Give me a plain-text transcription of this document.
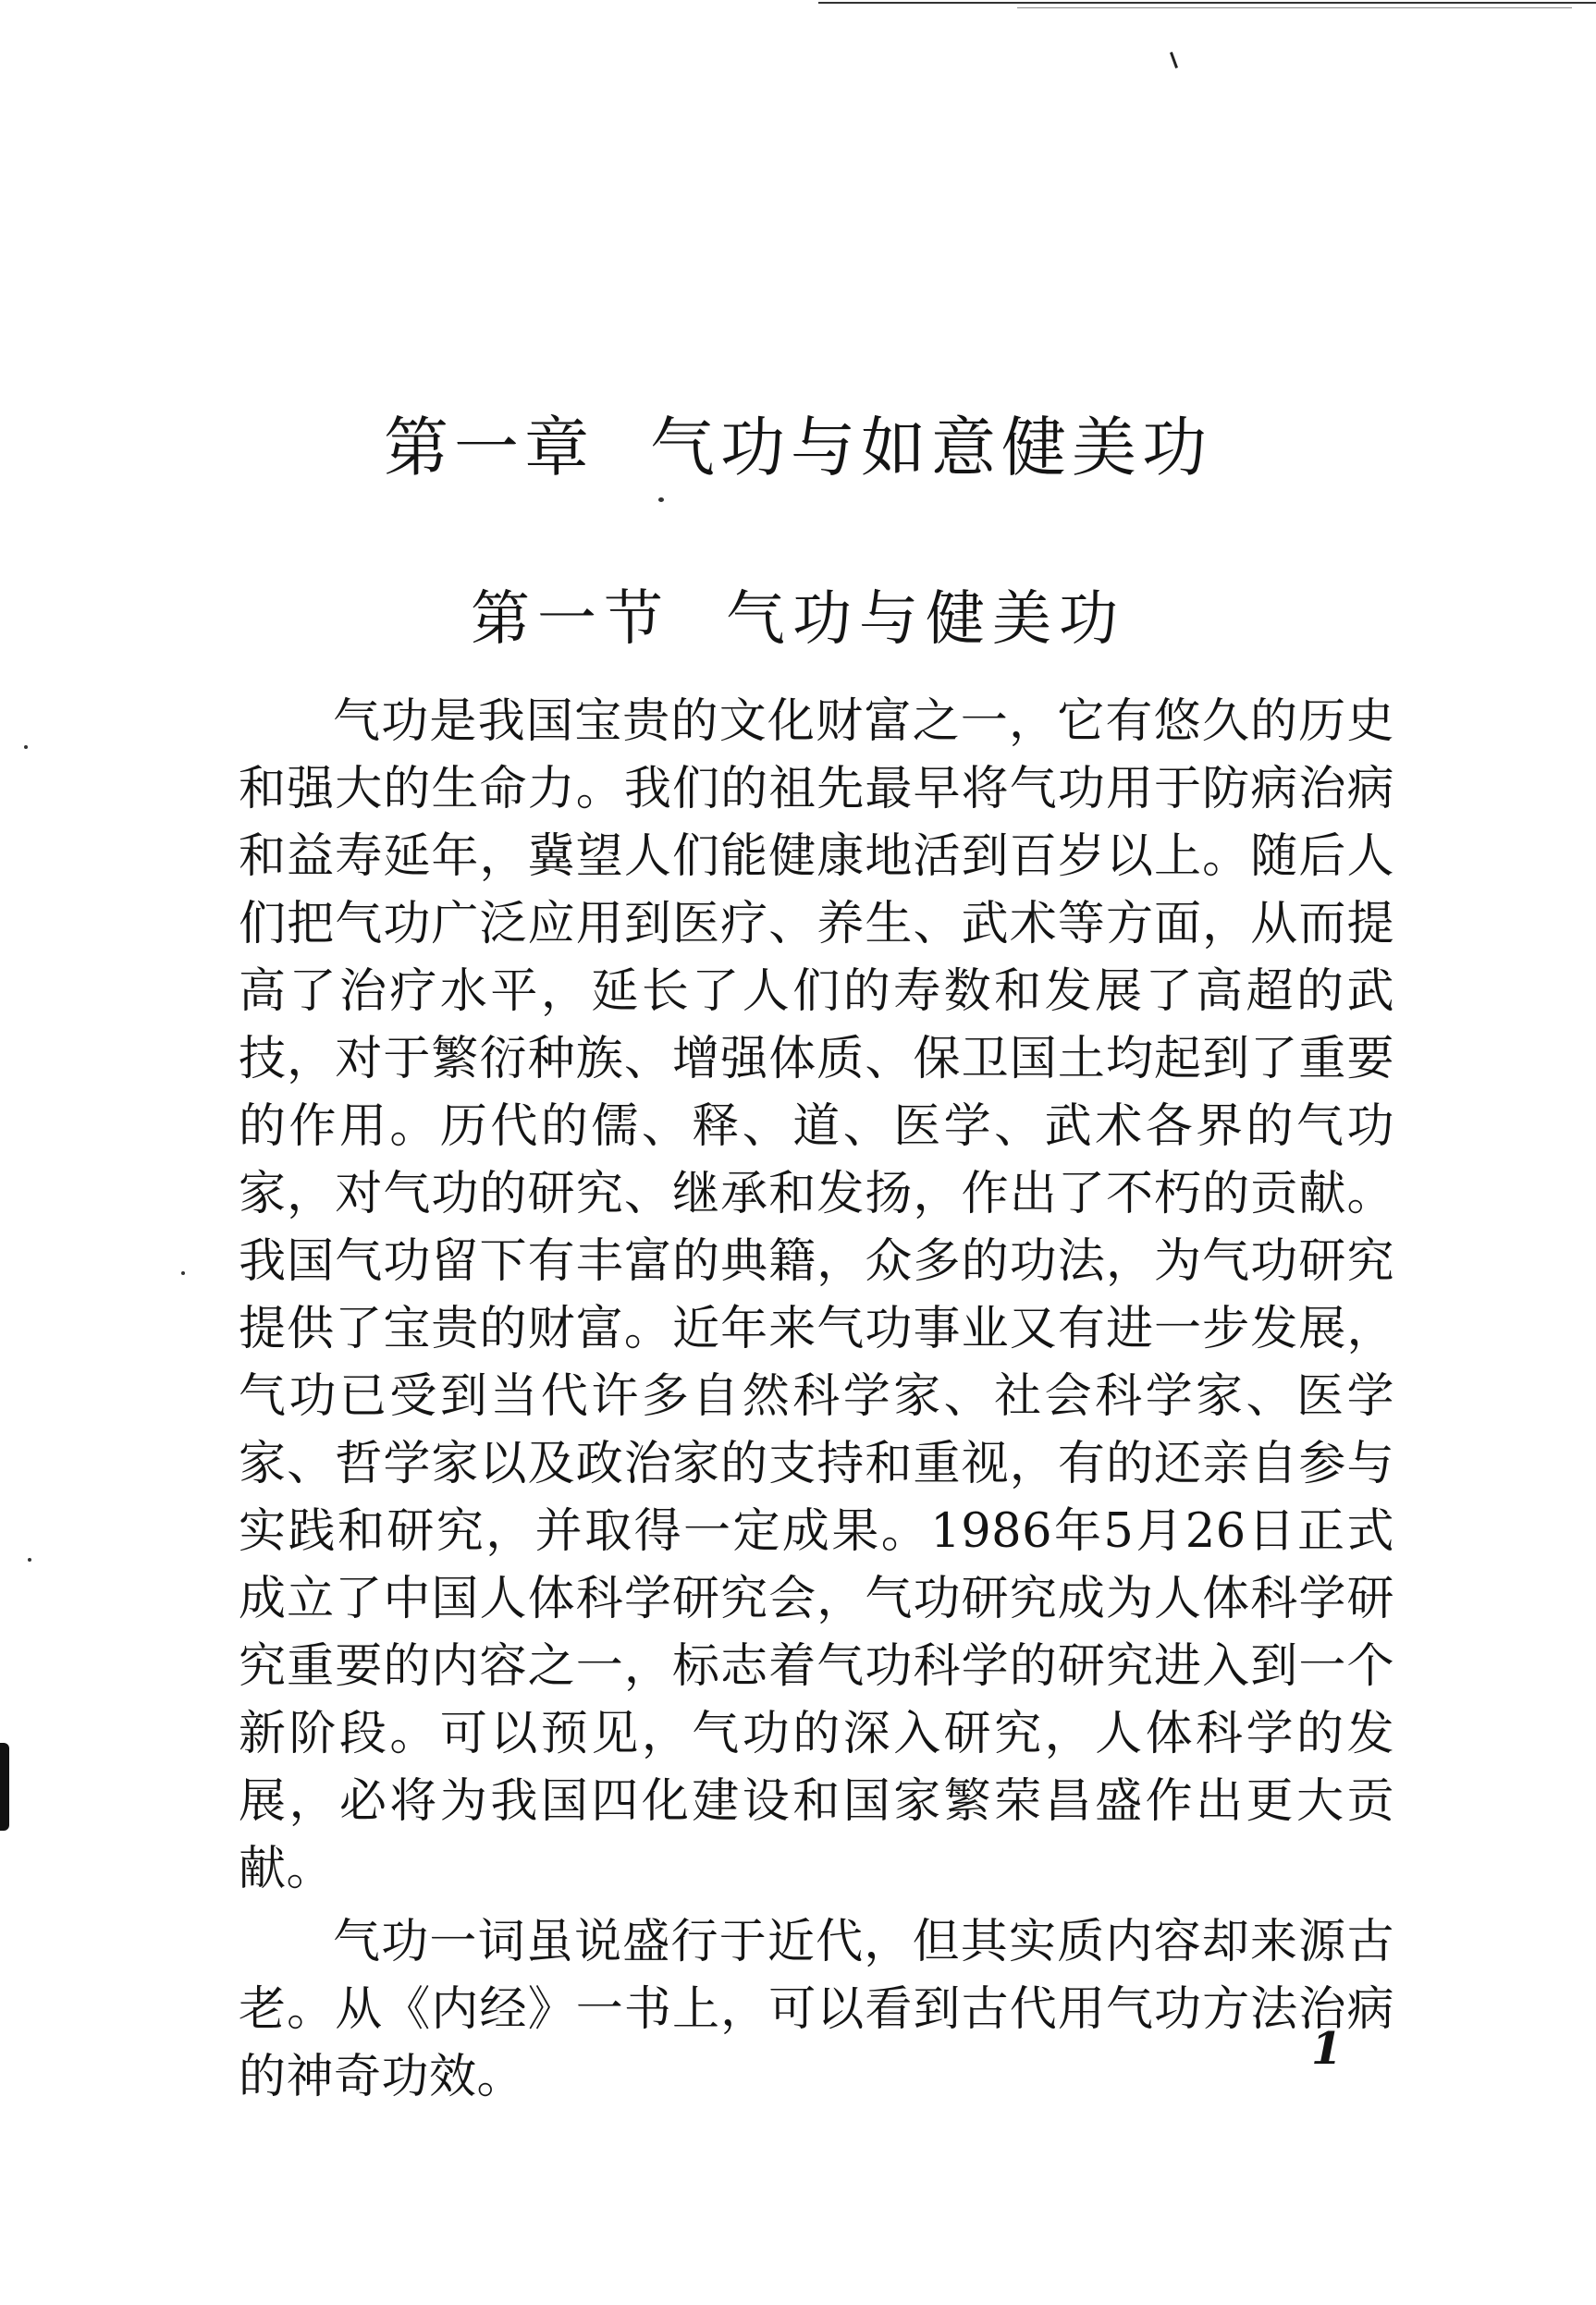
第一章 气功与如意健美功
第一节 气功与健美功

气功是我国宝贵的文化财富之一，它有悠久的历史和强大的生命力。我们的祖先最早将气功用于防病治病和益寿延年，冀望人们能健康地活到百岁以上。随后人们把气功广泛应用到医疗、养生、武术等方面，从而提高了治疗水平，延长了人们的寿数和发展了高超的武技，对于繁衍种族、增强体质、保卫国土均起到了重要的作用。历代的儒、释、道、医学、武术各界的气功家，对气功的研究、继承和发扬，作出了不朽的贡献。我国气功留下有丰富的典籍，众多的功法，为气功研究提供了宝贵的财富。近年来气功事业又有进一步发展，气功已受到当代许多自然科学家、社会科学家、医学家、哲学家以及政治家的支持和重视，有的还亲自参与实践和研究，并取得一定成果。1986年5月26日正式成立了中国人体科学研究会，气功研究成为人体科学研究重要的内容之一，标志着气功科学的研究进入到一个新阶段。可以预见，气功的深入研究，人体科学的发展，必将为我国四化建设和国家繁荣昌盛作出更大贡献。

气功一词虽说盛行于近代，但其实质内容却来源古老。从《内经》一书上，可以看到古代用气功方法治病的神奇功效。

1
